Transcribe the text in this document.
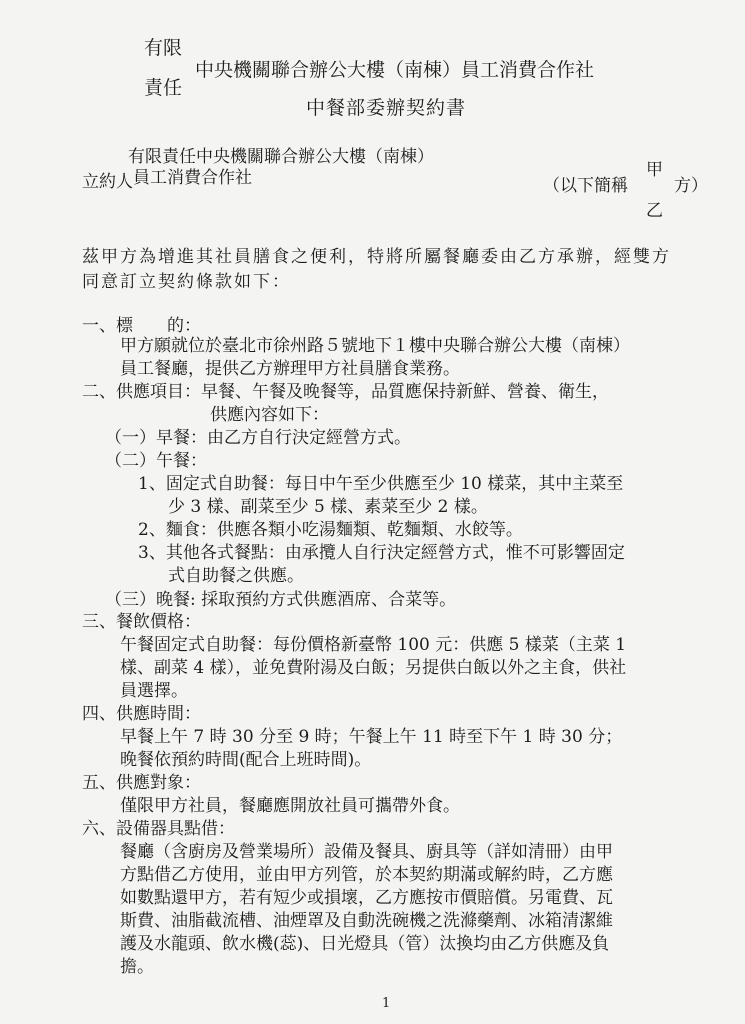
有限
責任
中央機關聯合辦公大樓（南棟）員工消費合作社
中餐部委辦契約書
有限責任中央機關聯合辦公大樓（南棟）
立約人 員工消費合作社	（以下簡稱
甲
乙
方）
茲甲方為增進其社員膳食之便利，特將所屬餐廳委由乙方承辦，經雙方
同意訂立契約條款如下：
一、標　　的：
甲方願就位於臺北市徐州路５號地下１樓中央聯合辦公大樓（南棟）
員工餐廳，提供乙方辦理甲方社員膳食業務。
二、供應項目：早餐、午餐及晚餐等，品質應保持新鮮、營養、衛生，
供應內容如下：
（一）早餐：由乙方自行決定經營方式。
（二）午餐：
1、固定式自助餐：每日中午至少供應至少 10 樣菜，其中主菜至
少 3 樣、副菜至少 5 樣、素菜至少 2 樣。
2、麵食：供應各類小吃湯麵類、乾麵類、水餃等。
3、其他各式餐點：由承攬人自行決定經營方式，惟不可影響固定
式自助餐之供應。
（三）晚餐: 採取預約方式供應酒席、合菜等。
三、餐飲價格：
午餐固定式自助餐：每份價格新臺幣 100 元：供應 5 樣菜（主菜 1
樣、副菜 4 樣），並免費附湯及白飯；另提供白飯以外之主食，供社
員選擇。
四、供應時間：
早餐上午 7 時 30 分至 9 時；午餐上午 11 時至下午 1 時 30 分；
晚餐依預約時間(配合上班時間)。
五、供應對象：
僅限甲方社員，餐廳應開放社員可攜帶外食。
六、設備器具點借：
餐廳（含廚房及營業場所）設備及餐具、廚具等（詳如清冊）由甲
方點借乙方使用，並由甲方列管，於本契約期滿或解約時，乙方應
如數點還甲方，若有短少或損壞，乙方應按市價賠償。另電費、瓦
斯費、油脂截流槽、油煙罩及自動洗碗機之洗滌藥劑、冰箱清潔維
護及水龍頭、飲水機(蕊)、日光燈具（管）汰換均由乙方供應及負
擔。
1
